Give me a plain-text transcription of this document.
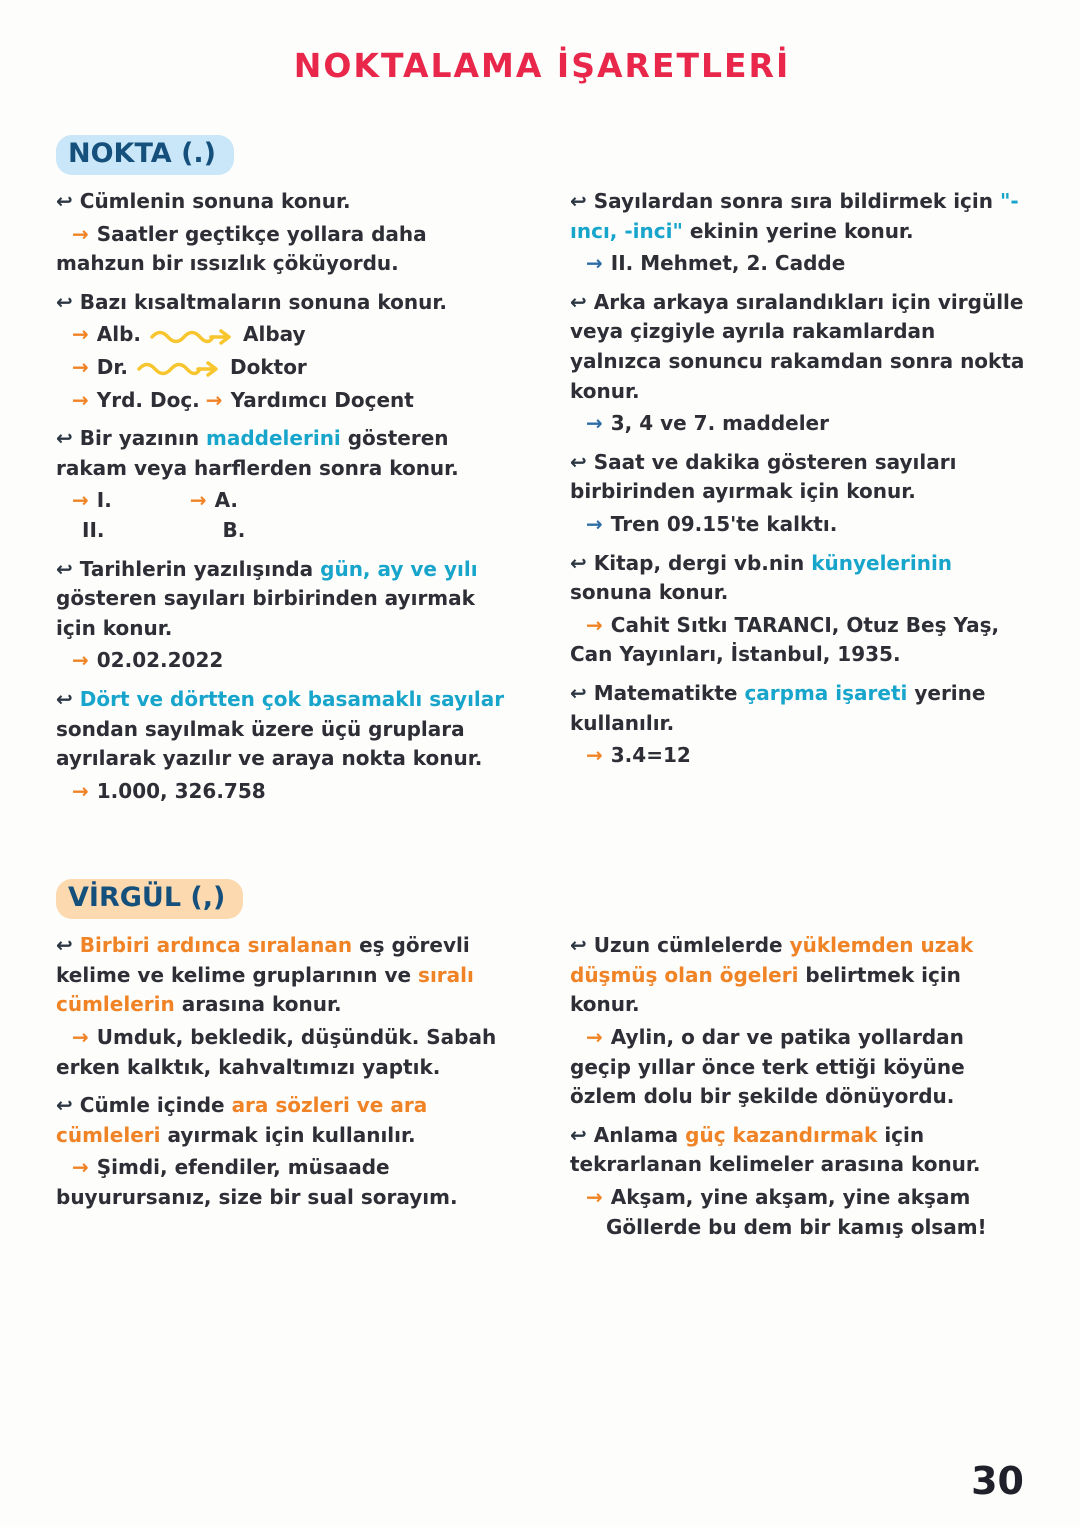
NOKTALAMA İŞARETLERİ
NOKTA (.)

↩ Cümlenin sonuna konur.

→ Saatler geçtikçe yollara daha mahzun bir ıssızlık çöküyordu.

↩ Bazı kısaltmaların sonuna konur.

→ Alb.	Albay

→ Dr.	Doktor

→ Yrd. Doç. → Yardımcı Doçent

↩ Bir yazının maddelerini gösteren rakam veya harflerden sonra konur.

→ I.	→ A.
II.	B.

↩ Tarihlerin yazılışında gün, ay ve yılı gösteren sayıları birbirinden ayırmak için konur.

→ 02.02.2022

↩ Dört ve dörtten çok basamaklı sayılar sondan sayılmak üzere üçü gruplara ayrılarak yazılır ve araya nokta konur.

→ 1.000, 326.758

↩ Sayılardan sonra sıra bildirmek için "-ıncı, -inci" ekinin yerine konur.

→ II. Mehmet, 2. Cadde

↩ Arka arkaya sıralandıkları için virgülle veya çizgiyle ayrıla rakamlardan yalnızca sonuncu rakamdan sonra nokta konur.

→ 3, 4 ve 7. maddeler

↩ Saat ve dakika gösteren sayıları birbirinden ayırmak için konur.

→ Tren 09.15'te kalktı.

↩ Kitap, dergi vb.nin künyelerinin sonuna konur.

→ Cahit Sıtkı TARANCI, Otuz Beş Yaş, Can Yayınları, İstanbul, 1935.

↩ Matematikte çarpma işareti yerine kullanılır.

→ 3.4=12

VİRGÜL (,)

↩ Birbiri ardınca sıralanan eş görevli kelime ve kelime gruplarının ve sıralı cümlelerin arasına konur.

→ Umduk, bekledik, düşündük. Sabah erken kalktık, kahvaltımızı yaptık.

↩ Cümle içinde ara sözleri ve ara cümleleri ayırmak için kullanılır.

→ Şimdi, efendiler, müsaade buyurursanız, size bir sual sorayım.

↩ Uzun cümlelerde yüklemden uzak düşmüş olan ögeleri belirtmek için konur.

→ Aylin, o dar ve patika yollardan geçip yıllar önce terk ettiği köyüne özlem dolu bir şekilde dönüyordu.

↩ Anlama güç kazandırmak için tekrarlanan kelimeler arasına konur.

→ Akşam, yine akşam, yine akşam
Göllerde bu dem bir kamış olsam!

30
